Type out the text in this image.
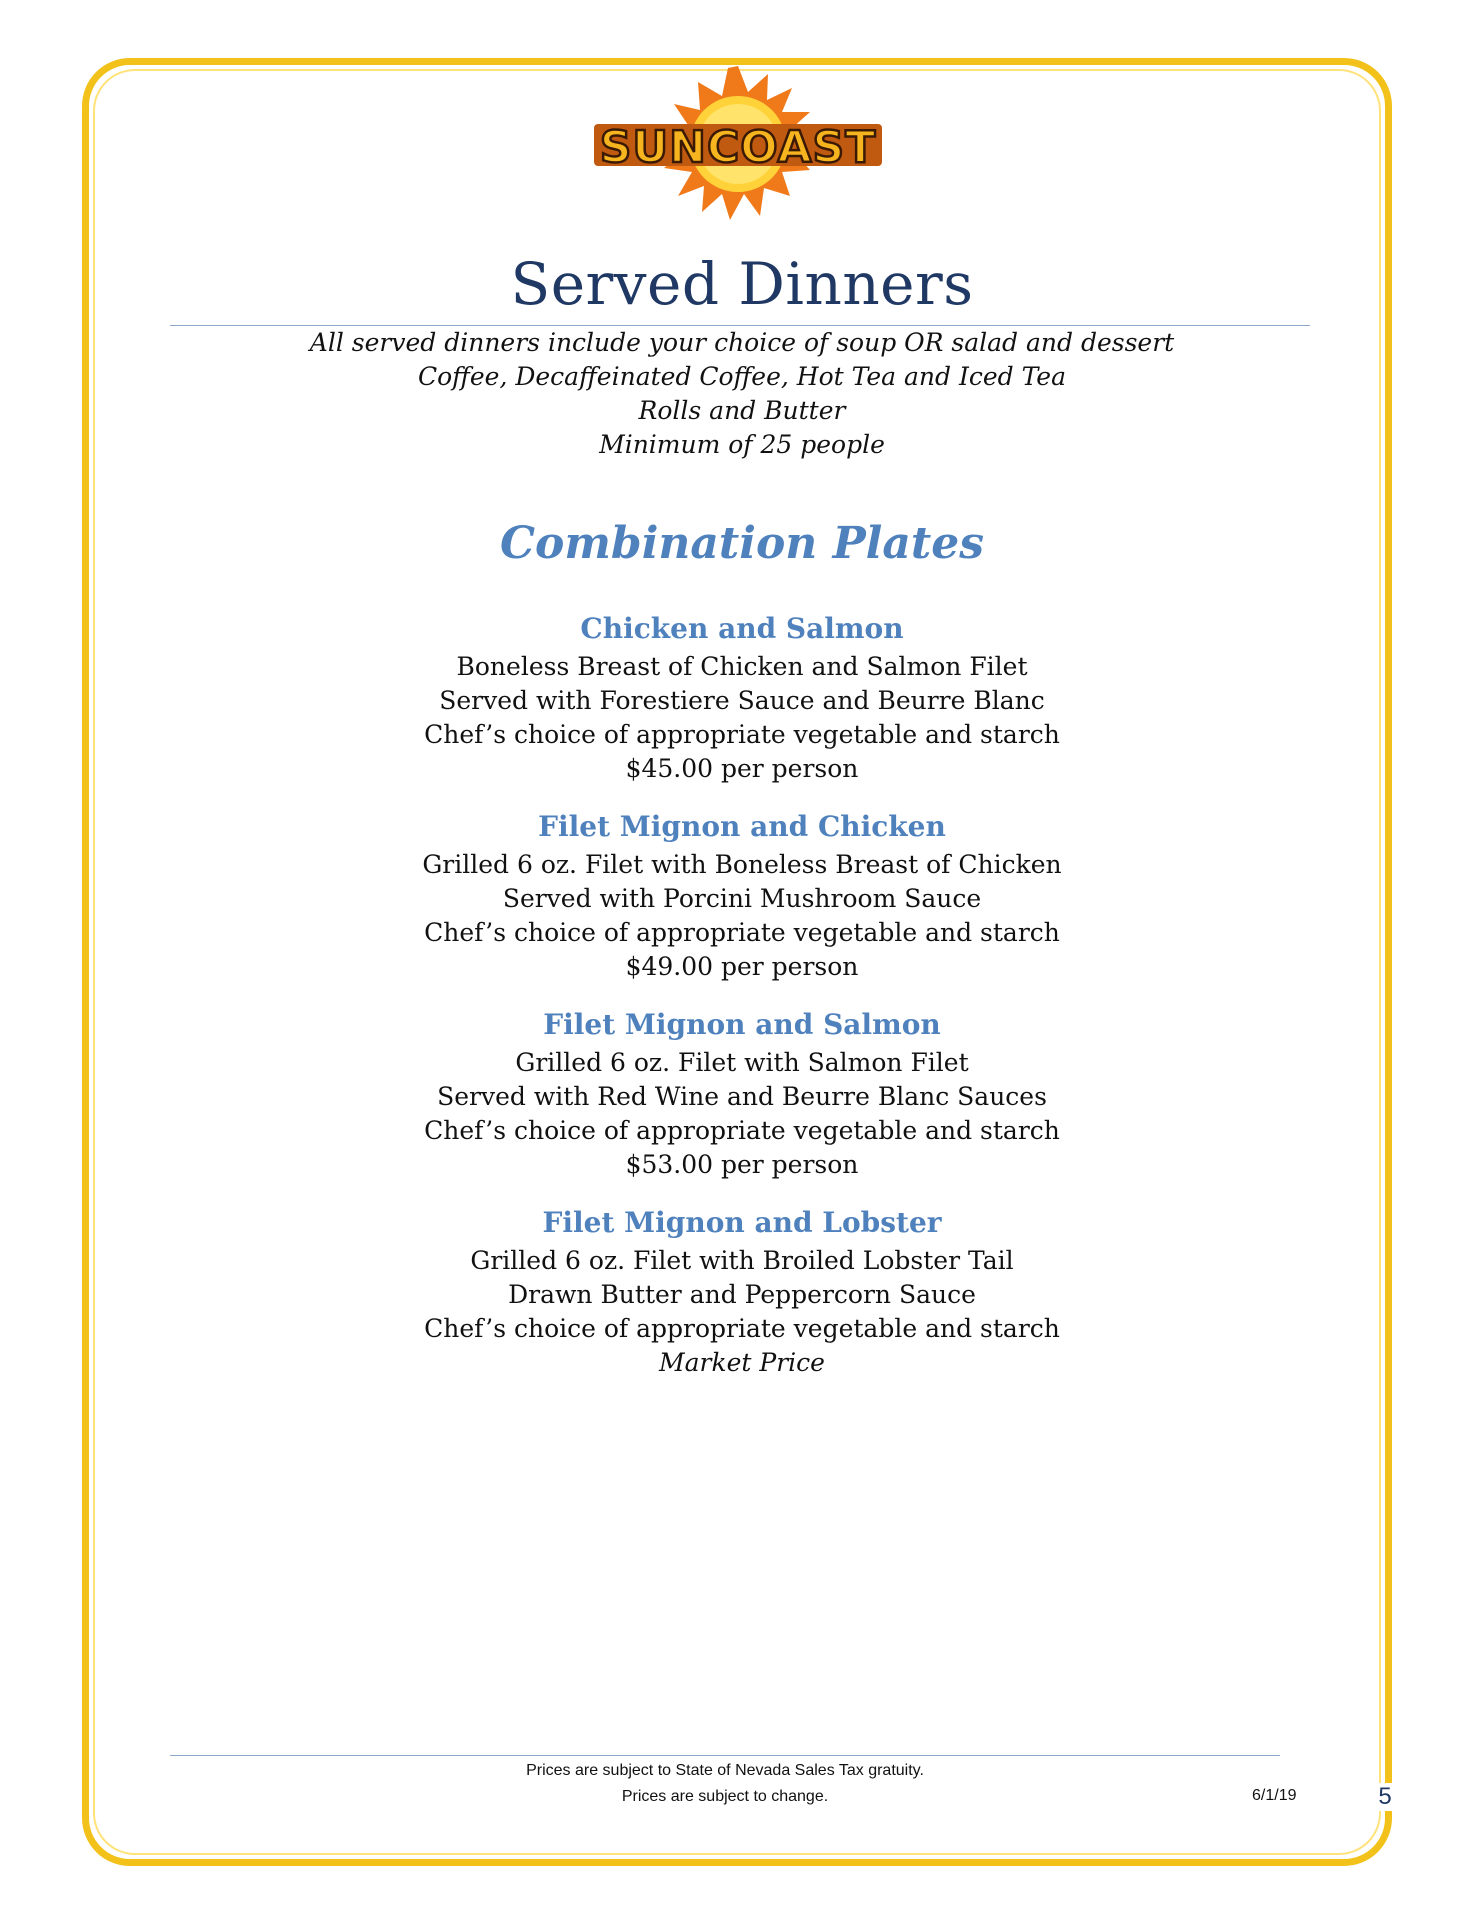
SUNCOAST
Served Dinners
All served dinners include your choice of soup OR salad and dessert
Coffee, Decaffeinated Coffee, Hot Tea and Iced Tea
Rolls and Butter
Minimum of 25 people
Combination Plates
Chicken and Salmon
Boneless Breast of Chicken and Salmon Filet
Served with Forestiere Sauce and Beurre Blanc
Chef’s choice of appropriate vegetable and starch
$45.00 per person
Filet Mignon and Chicken
Grilled 6 oz. Filet with Boneless Breast of Chicken
Served with Porcini Mushroom Sauce
Chef’s choice of appropriate vegetable and starch
$49.00 per person
Filet Mignon and Salmon
Grilled 6 oz. Filet with Salmon Filet
Served with Red Wine and Beurre Blanc Sauces
Chef’s choice of appropriate vegetable and starch
$53.00 per person
Filet Mignon and Lobster
Grilled 6 oz. Filet with Broiled Lobster Tail
Drawn Butter and Peppercorn Sauce
Chef’s choice of appropriate vegetable and starch
Market Price
Prices are subject to State of Nevada Sales Tax gratuity.
Prices are subject to change.	6/1/19	5
